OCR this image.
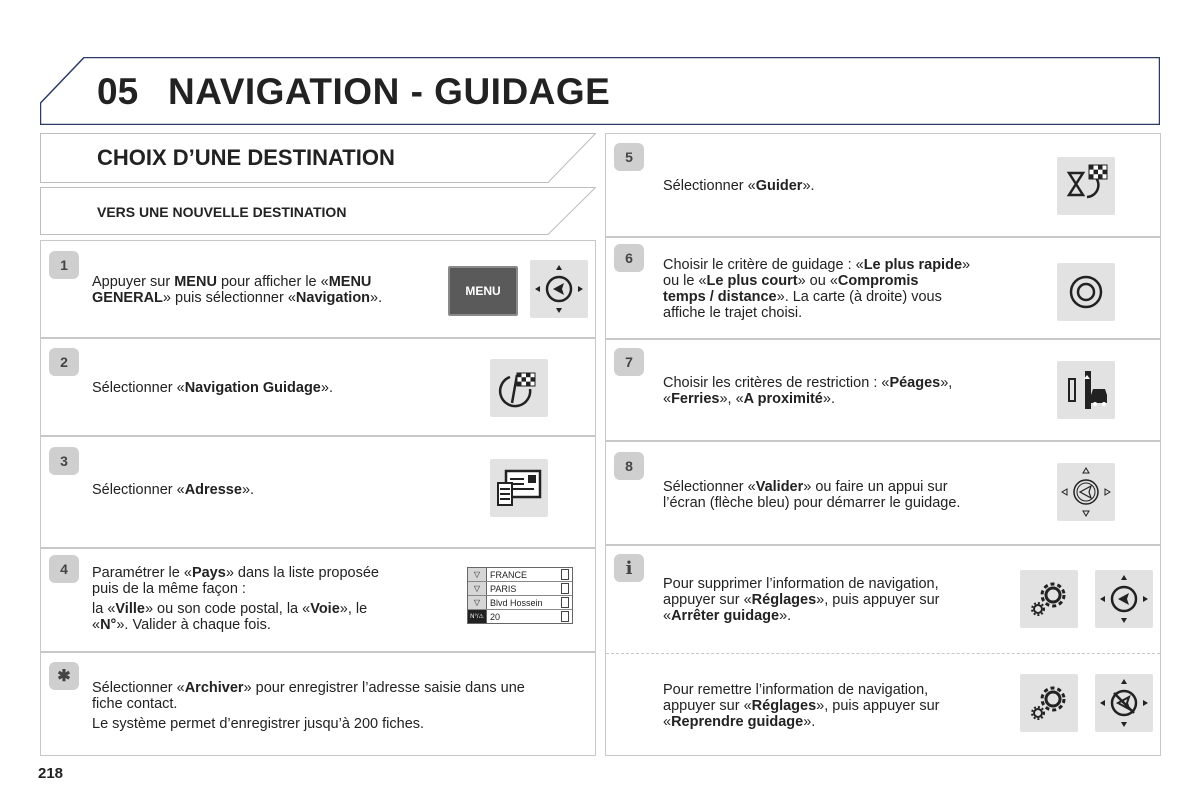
05 NAVIGATION - GUIDAGE
CHOIX D’UNE DESTINATION
VERS UNE NOUVELLE DESTINATION
1
Appuyer sur MENU pour afficher le «MENU
GENERAL» puis sélectionner «Navigation».	MENU
2
Sélectionner «Navigation Guidage».
3
Sélectionner «Adresse».
4	Paramétrer le «Pays» dans la liste proposée
puis de la même façon :
la «Ville» ou son code postal, la «Voie», le
«N°». Valider à chaque fois.
▽	FRANCE
▽	PARIS
▽	Blvd Hossein
N°/⚠ 20
✱
Sélectionner «Archiver» pour enregistrer l’adresse saisie dans une
fiche contact.
Le système permet d’enregistrer jusqu’à 200 fiches.
5
Sélectionner «Guider».
6	Choisir le critère de guidage : «Le plus rapide»
ou le «Le plus court» ou «Compromis
temps / distance». La carte (à droite) vous
affiche le trajet choisi.
7
Choisir les critères de restriction : «Péages»,
«Ferries», «A proximité».
8
Sélectionner «Valider» ou faire un appui sur
l’écran (flèche bleu) pour démarrer le guidage.
i
Pour supprimer l’information de navigation,
appuyer sur «Réglages», puis appuyer sur
«Arrêter guidage».
Pour remettre l’information de navigation,
appuyer sur «Réglages», puis appuyer sur
«Reprendre guidage».
218
